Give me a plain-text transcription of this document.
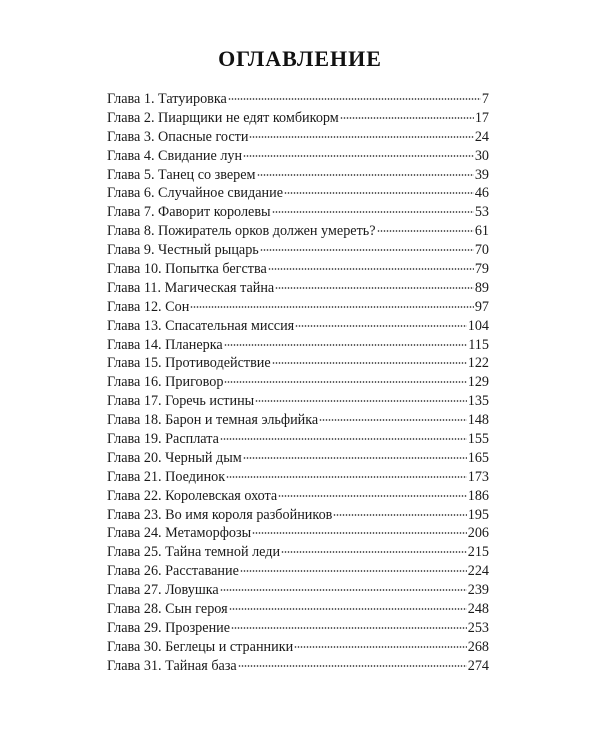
ОГЛАВЛЕНИЕ
Глава 1. Татуировка	7
Глава 2. Пиарщики не едят комбикорм	17
Глава 3. Опасные гости	24
Глава 4. Свидание лун	30
Глава 5. Танец со зверем	39
Глава 6. Случайное свидание	46
Глава 7. Фаворит королевы	53
Глава 8. Пожиратель орков должен умереть?	61
Глава 9. Честный рыцарь	70
Глава 10. Попытка бегства	79
Глава 11. Магическая тайна	89
Глава 12. Сон	97
Глава 13. Спасательная миссия	104
Глава 14. Планерка	115
Глава 15. Противодействие	122
Глава 16. Приговор	129
Глава 17. Горечь истины	135
Глава 18. Барон и темная эльфийка	148
Глава 19. Расплата	155
Глава 20. Черный дым	165
Глава 21. Поединок	173
Глава 22. Королевская охота	186
Глава 23. Во имя короля разбойников	195
Глава 24. Метаморфозы	206
Глава 25. Тайна темной леди	215
Глава 26. Расставание	224
Глава 27. Ловушка	239
Глава 28. Сын героя	248
Глава 29. Прозрение	253
Глава 30. Беглецы и странники	268
Глава 31. Тайная база	274
